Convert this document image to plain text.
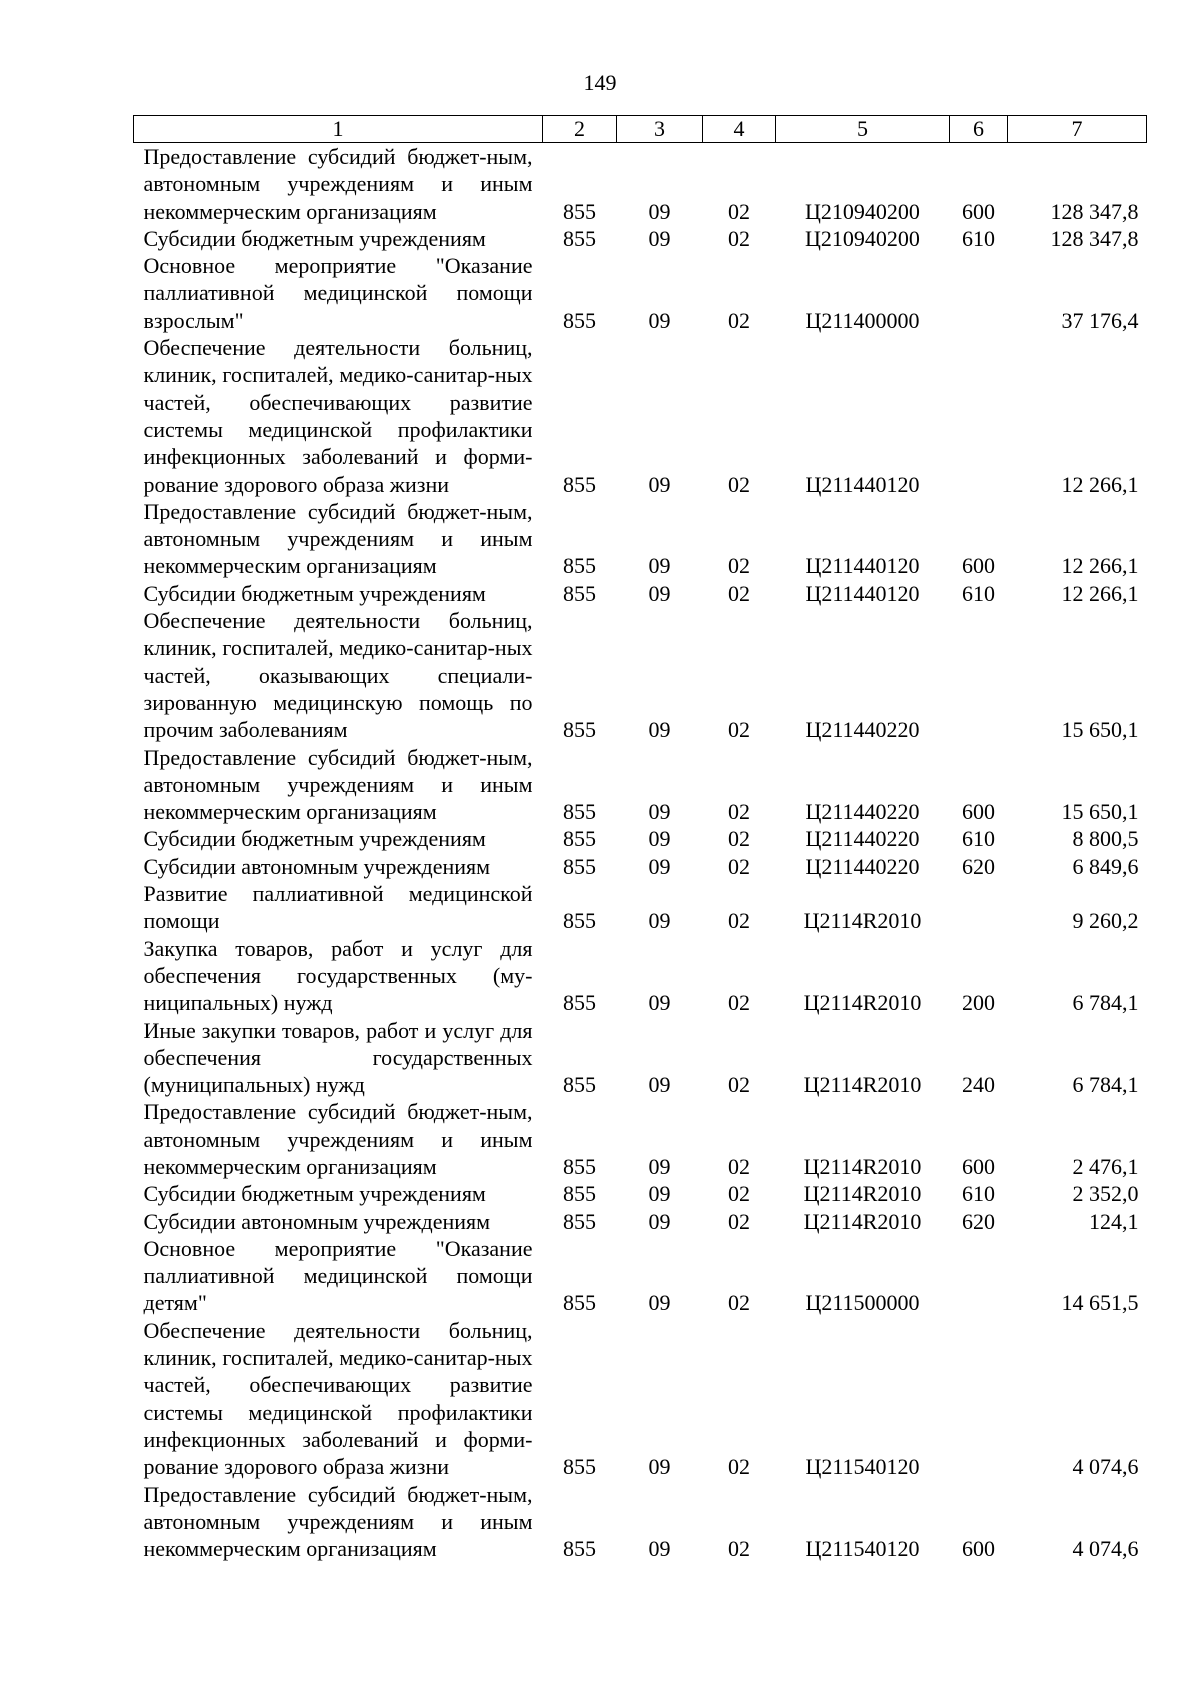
149
1	2	3	4	5	6	7
Предоставление субсидий бюджет-ным, автономным учреждениям и иным некоммерческим организациям	855	09	02	Ц210940200	600	128 347,8
Субсидии бюджетным учреждениям	855	09	02	Ц210940200	610	128 347,8
Основное мероприятие "Оказание паллиативной медицинской помощи взрослым"	855	09	02	Ц211400000		37 176,4
Обеспечение деятельности больниц, клиник, госпиталей, медико-санитар-ных частей, обеспечивающих развитие системы медицинской профилактики инфекционных заболеваний и форми-рование здорового образа жизни	855	09	02	Ц211440120		12 266,1
Предоставление субсидий бюджет-ным, автономным учреждениям и иным некоммерческим организациям	855	09	02	Ц211440120	600	12 266,1
Субсидии бюджетным учреждениям	855	09	02	Ц211440120	610	12 266,1
Обеспечение деятельности больниц, клиник, госпиталей, медико-санитар-ных частей, оказывающих специали-зированную медицинскую помощь по прочим заболеваниям	855	09	02	Ц211440220		15 650,1
Предоставление субсидий бюджет-ным, автономным учреждениям и иным некоммерческим организациям	855	09	02	Ц211440220	600	15 650,1
Субсидии бюджетным учреждениям	855	09	02	Ц211440220	610	8 800,5
Субсидии автономным учреждениям	855	09	02	Ц211440220	620	6 849,6
Развитие паллиативной медицинской помощи	855	09	02	Ц2114R2010		9 260,2
Закупка товаров, работ и услуг для обеспечения государственных (му-ниципальных) нужд	855	09	02	Ц2114R2010	200	6 784,1
Иные закупки товаров, работ и услуг для обеспечения государственных (муниципальных) нужд	855	09	02	Ц2114R2010	240	6 784,1
Предоставление субсидий бюджет-ным, автономным учреждениям и иным некоммерческим организациям	855	09	02	Ц2114R2010	600	2 476,1
Субсидии бюджетным учреждениям	855	09	02	Ц2114R2010	610	2 352,0
Субсидии автономным учреждениям	855	09	02	Ц2114R2010	620	124,1
Основное мероприятие "Оказание паллиативной медицинской помощи детям"	855	09	02	Ц211500000		14 651,5
Обеспечение деятельности больниц, клиник, госпиталей, медико-санитар-ных частей, обеспечивающих развитие системы медицинской профилактики инфекционных заболеваний и форми-рование здорового образа жизни	855	09	02	Ц211540120		4 074,6
Предоставление субсидий бюджет-ным, автономным учреждениям и иным некоммерческим организациям	855	09	02	Ц211540120	600	4 074,6
